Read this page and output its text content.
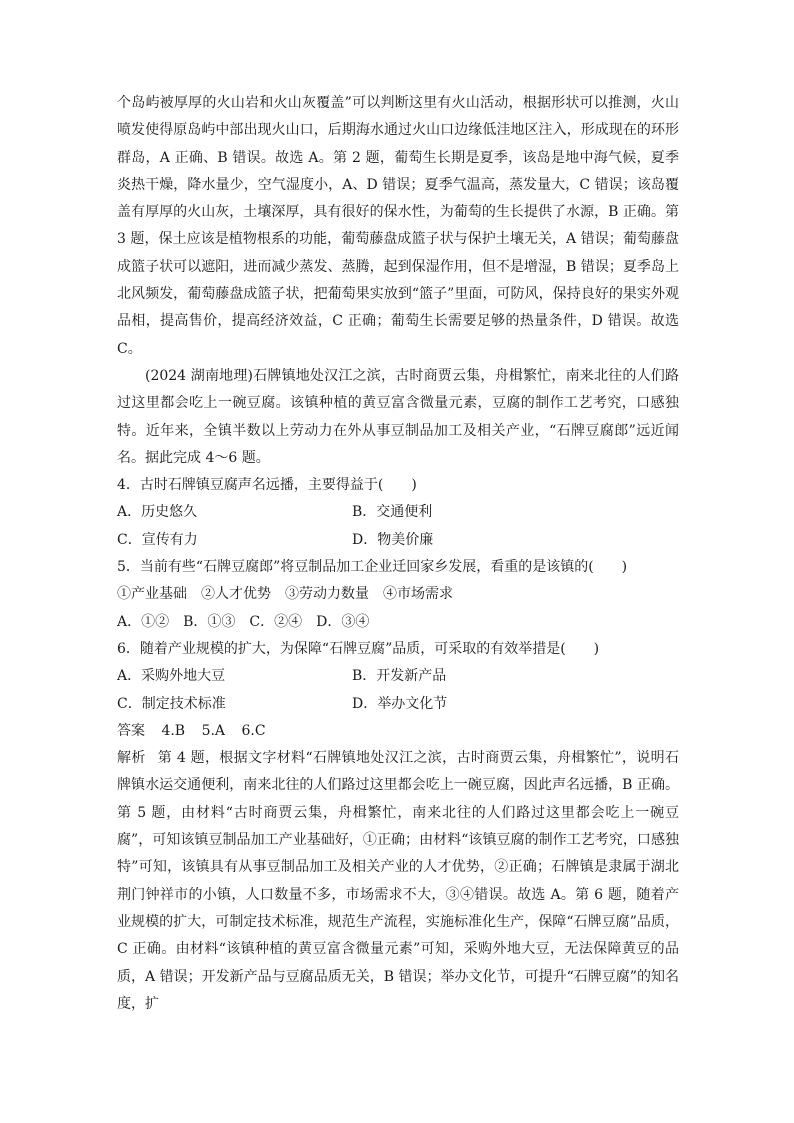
个岛屿被厚厚的火山岩和火山灰覆盖”可以判断这里有火山活动，根据形状可以推测，火山喷发使得原岛屿中部出现火山口，后期海水通过火山口边缘低洼地区注入，形成现在的环形群岛，A 正确、B 错误。故选 A。第 2 题，葡萄生长期是夏季，该岛是地中海气候，夏季炎热干燥，降水量少，空气湿度小，A、D 错误；夏季气温高，蒸发量大，C 错误；该岛覆盖有厚厚的火山灰，土壤深厚，具有很好的保水性，为葡萄的生长提供了水源，B 正确。第 3 题，保土应该是植物根系的功能，葡萄藤盘成篮子状与保护土壤无关，A 错误；葡萄藤盘成篮子状可以遮阳，进而减少蒸发、蒸腾，起到保湿作用，但不是增湿，B 错误；夏季岛上北风频发，葡萄藤盘成篮子状，把葡萄果实放到“篮子”里面，可防风，保持良好的果实外观品相，提高售价，提高经济效益，C 正确；葡萄生长需要足够的热量条件，D 错误。故选 C。

(2024 湖南地理)石牌镇地处汉江之滨，古时商贾云集，舟楫繁忙，南来北往的人们路过这里都会吃上一碗豆腐。该镇种植的黄豆富含微量元素，豆腐的制作工艺考究，口感独特。近年来，全镇半数以上劳动力在外从事豆制品加工及相关产业，“石牌豆腐郎”远近闻名。据此完成 4～6 题。

4．古时石牌镇豆腐声名远播，主要得益于(　　)

A．历史悠久	B．交通便利
C．宣传有力	D．物美价廉

5．当前有些“石牌豆腐郎”将豆制品加工企业迁回家乡发展，看重的是该镇的(　　)

①产业基础　②人才优势　③劳动力数量　④市场需求

A．①②　B．①③　C．②④　D．③④

6．随着产业规模的扩大，为保障“石牌豆腐”品质，可采取的有效举措是(　　)

A．采购外地大豆	B．开发新产品
C．制定技术标准	D．举办文化节

答案 4.B 5.A 6.C

解析 第 4 题，根据文字材料“石牌镇地处汉江之滨，古时商贾云集，舟楫繁忙”，说明石牌镇水运交通便利，南来北往的人们路过这里都会吃上一碗豆腐，因此声名远播，B 正确。第 5 题，由材料“古时商贾云集，舟楫繁忙，南来北往的人们路过这里都会吃上一碗豆腐”，可知该镇豆制品加工产业基础好，①正确；由材料“该镇豆腐的制作工艺考究，口感独特”可知，该镇具有从事豆制品加工及相关产业的人才优势，②正确；石牌镇是隶属于湖北荆门钟祥市的小镇，人口数量不多，市场需求不大，③④错误。故选 A。第 6 题，随着产业规模的扩大，可制定技术标准，规范生产流程，实施标准化生产，保障“石牌豆腐”品质，C 正确。由材料“该镇种植的黄豆富含微量元素”可知，采购外地大豆，无法保障黄豆的品质，A 错误；开发新产品与豆腐品质无关，B 错误；举办文化节，可提升“石牌豆腐”的知名度，扩
